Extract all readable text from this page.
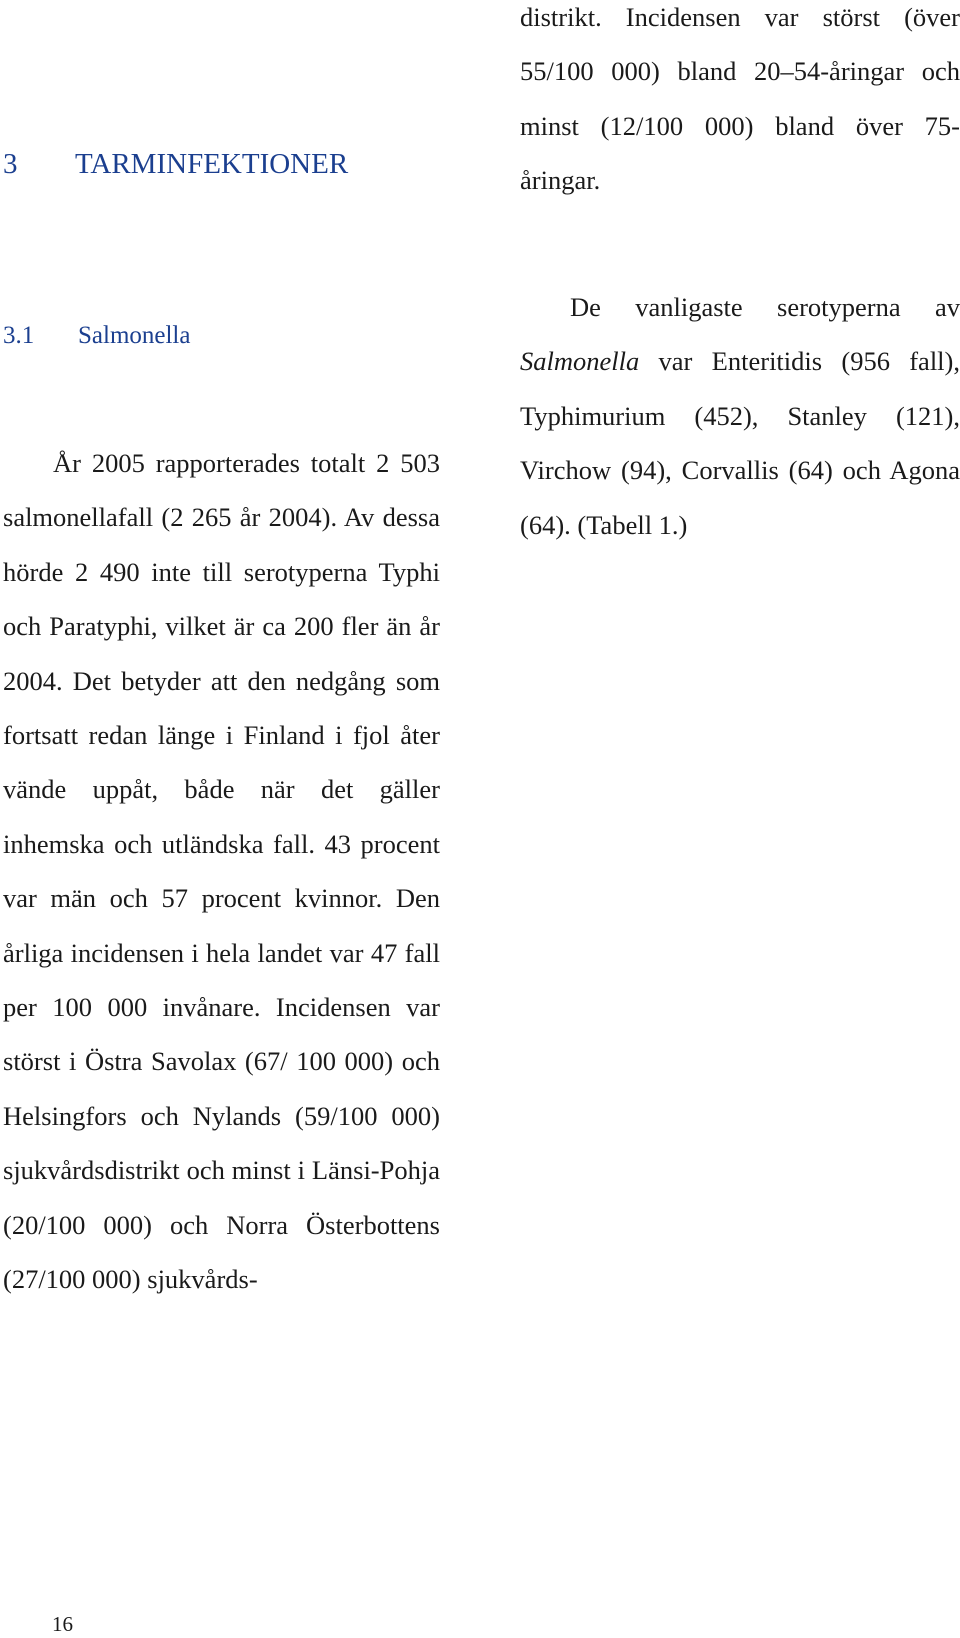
distrikt. Incidensen var störst (över 55/100 000) bland 20–54-åringar och minst (12/100 000) bland över 75-åringar.

3 TARMINFEKTIONER
3.1 Salmonella

De vanligaste serotyperna av Salmonella var Enteritidis (956 fall), Typhimurium (452), Stanley (121), Virchow (94), Corvallis (64) och Agona (64). (Tabell 1.)

År 2005 rapporterades totalt 2 503 salmonellafall (2 265 år 2004). Av dessa hörde 2 490 inte till serotyperna Typhi och Paratyphi, vilket är ca 200 fler än år 2004. Det betyder att den nedgång som fortsatt redan länge i Finland i fjol åter vände uppåt, både när det gäller inhemska och utländska fall. 43 procent var män och 57 procent kvinnor. Den årliga incidensen i hela landet var 47 fall per 100 000 invånare. Incidensen var störst i Östra Savolax (67/ 100 000) och Helsingfors och Nylands (59/100 000) sjukvårdsdistrikt och minst i Länsi-Pohja (20/100 000) och Norra Österbottens (27/100 000) sjukvårds-

16
